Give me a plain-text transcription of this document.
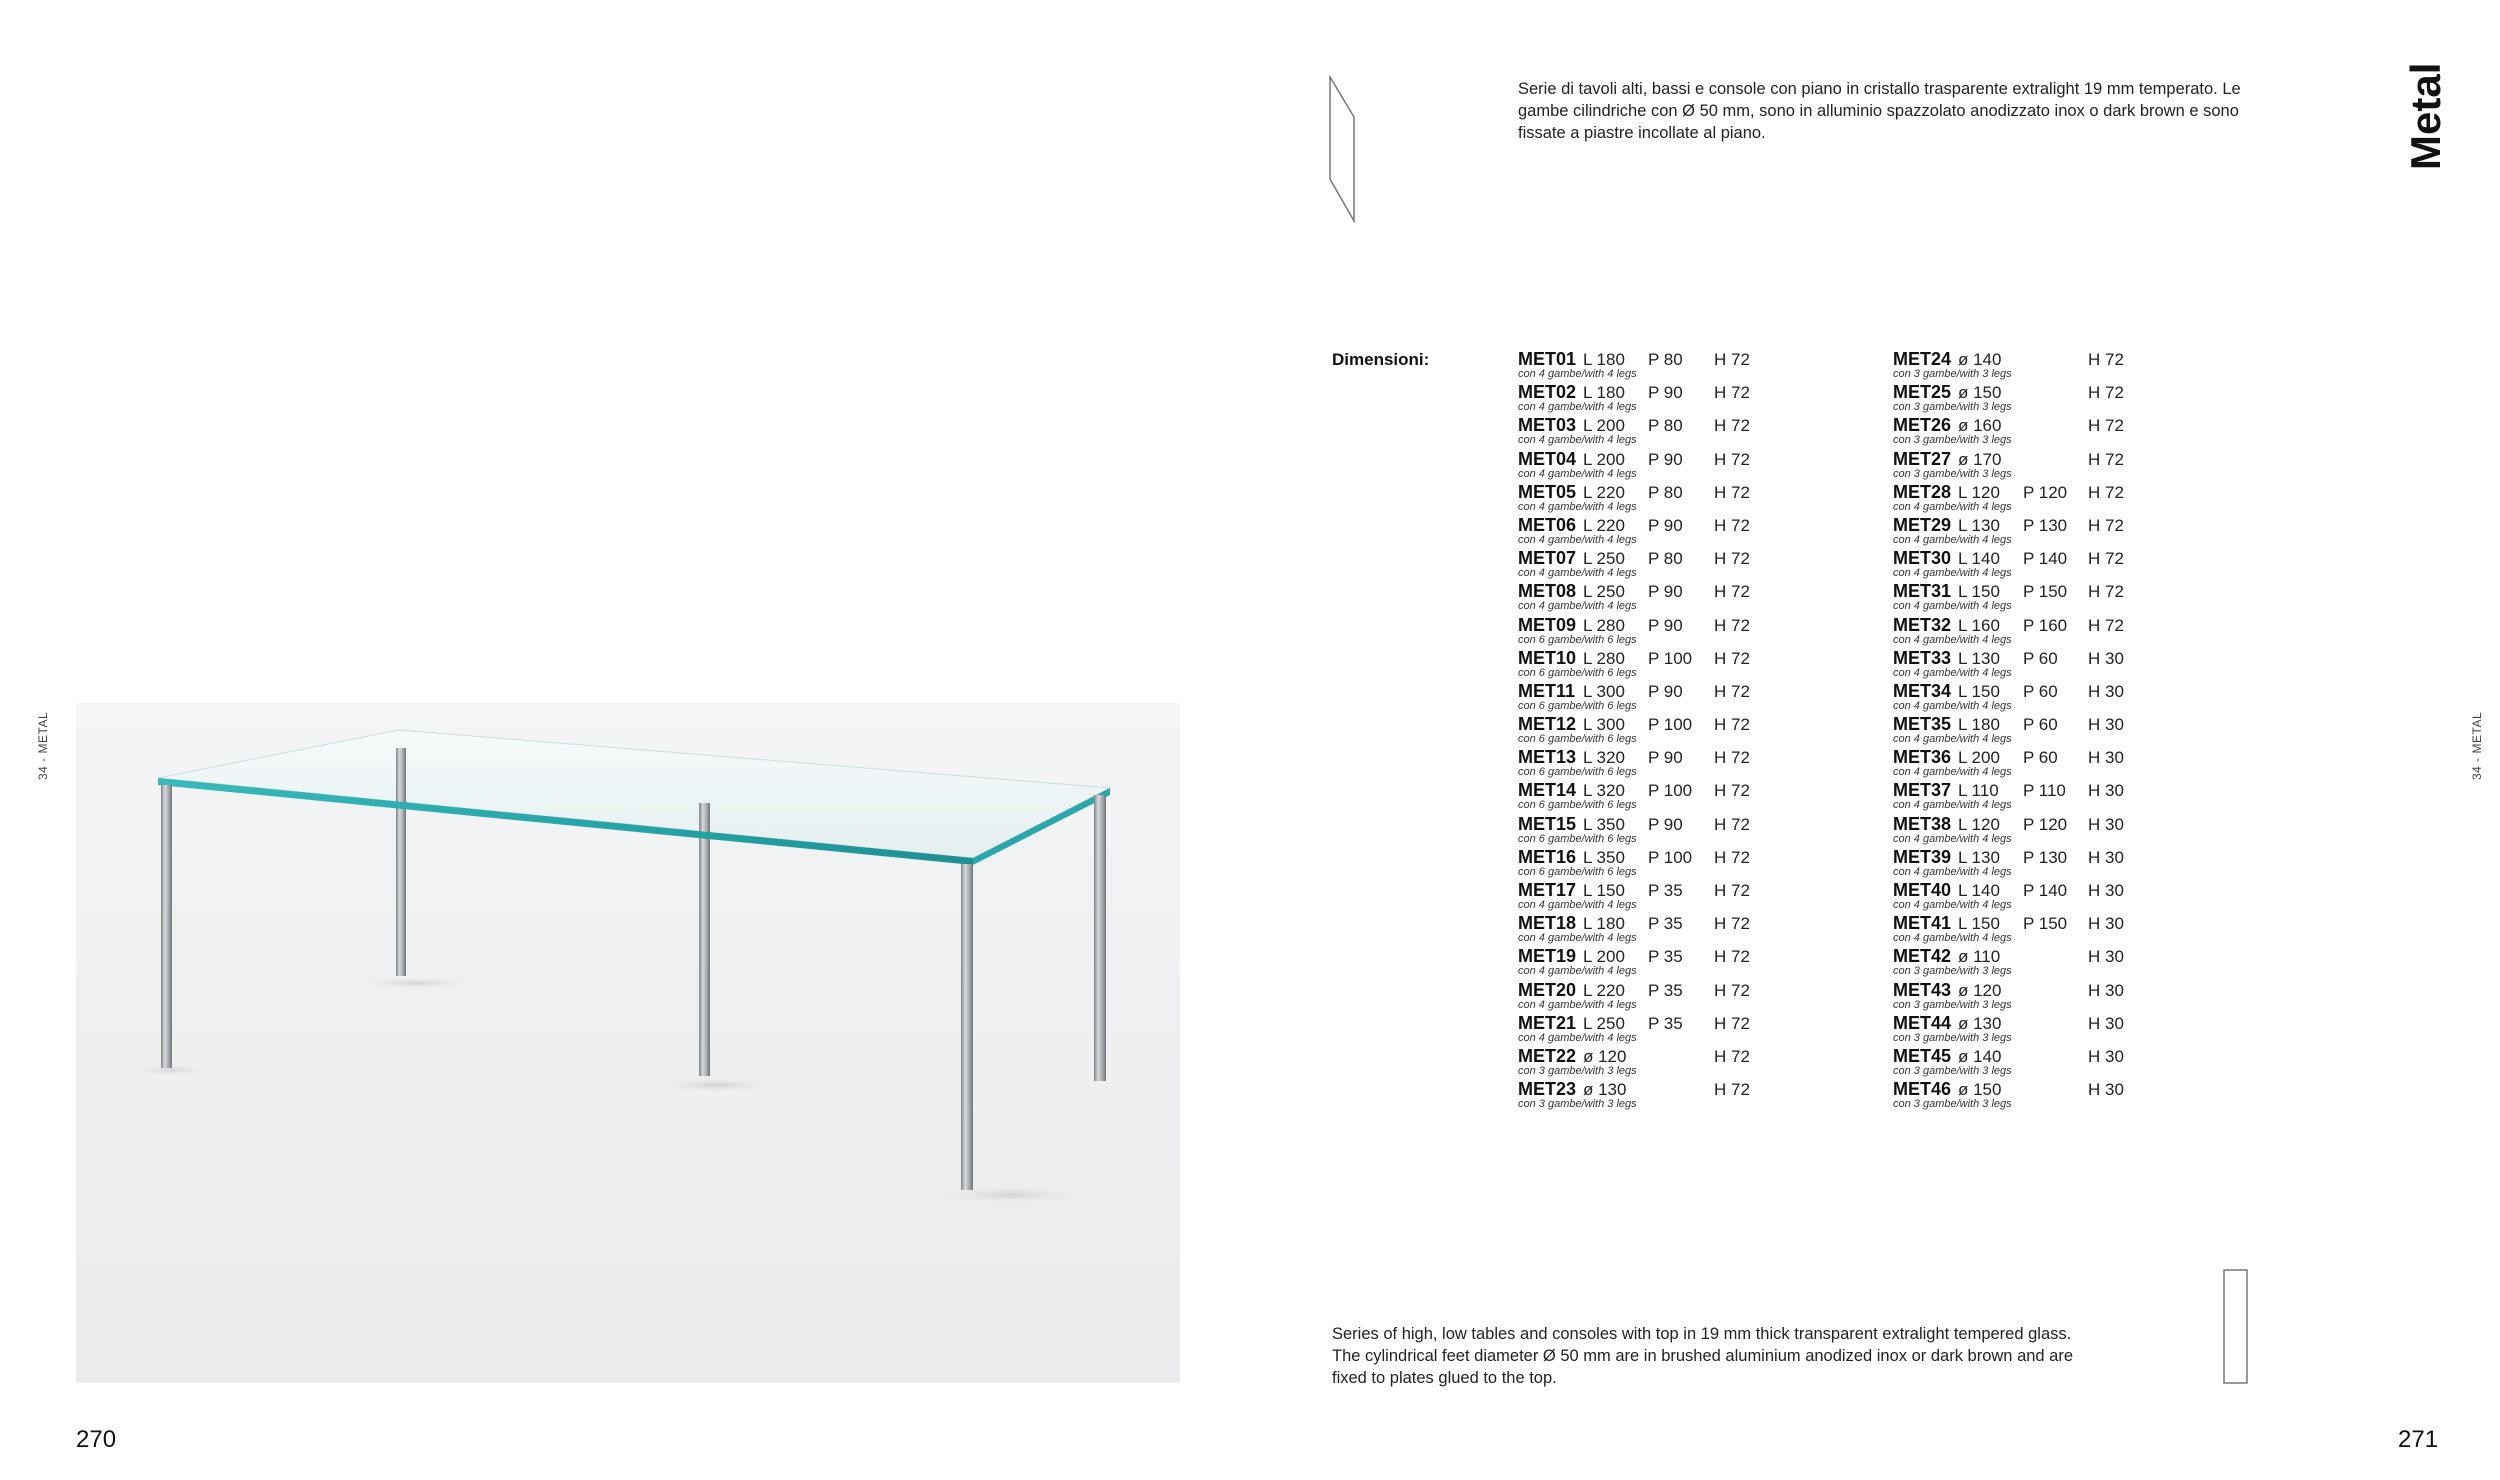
34 - METAL
270
Serie di tavoli alti, bassi e console con piano in cristallo trasparente extralight 19 mm temperato. Le gambe cilindriche con Ø 50 mm, sono in alluminio spazzolato anodizzato inox o dark brown e sono fissate a piastre incollate al piano.	Metal
Dimensioni:	MET01 L 180 P 80 H 72
con 4 gambe/with 4 legs
MET02 L 180 P 90 H 72
con 4 gambe/with 4 legs
MET03 L 200 P 80 H 72
con 4 gambe/with 4 legs
MET04 L 200 P 90 H 72
con 4 gambe/with 4 legs
MET05 L 220 P 80 H 72
con 4 gambe/with 4 legs
MET06 L 220 P 90 H 72
con 4 gambe/with 4 legs
MET07 L 250 P 80 H 72
con 4 gambe/with 4 legs
MET08 L 250 P 90 H 72
con 4 gambe/with 4 legs
MET09 L 280 P 90 H 72
con 6 gambe/with 6 legs
MET10 L 280 P 100 H 72
con 6 gambe/with 6 legs
MET11 L 300 P 90 H 72
con 6 gambe/with 6 legs
MET12 L 300 P 100 H 72
con 6 gambe/with 6 legs
MET13 L 320 P 90 H 72
con 6 gambe/with 6 legs
MET14 L 320 P 100 H 72
con 6 gambe/with 6 legs
MET15 L 350 P 90 H 72
con 6 gambe/with 6 legs
MET16 L 350 P 100 H 72
con 6 gambe/with 6 legs
MET17 L 150 P 35 H 72
con 4 gambe/with 4 legs
MET18 L 180 P 35 H 72
con 4 gambe/with 4 legs
MET19 L 200 P 35 H 72
con 4 gambe/with 4 legs
MET20 L 220 P 35 H 72
con 4 gambe/with 4 legs
MET21 L 250 P 35 H 72
con 4 gambe/with 4 legs
MET22 ø 120	H 72
con 3 gambe/with 3 legs
MET23 ø 130	H 72
con 3 gambe/with 3 legs
MET24 ø 140	H 72
con 3 gambe/with 3 legs
MET25 ø 150	H 72
con 3 gambe/with 3 legs
MET26 ø 160	H 72
con 3 gambe/with 3 legs
MET27 ø 170	H 72
con 3 gambe/with 3 legs
MET28 L 120 P 120 H 72
con 4 gambe/with 4 legs
MET29 L 130 P 130 H 72
con 4 gambe/with 4 legs
MET30 L 140 P 140 H 72
con 4 gambe/with 4 legs
MET31 L 150 P 150 H 72
con 4 gambe/with 4 legs
MET32 L 160 P 160 H 72
con 4 gambe/with 4 legs
MET33 L 130 P 60 H 30
con 4 gambe/with 4 legs
MET34 L 150 P 60 H 30
con 4 gambe/with 4 legs
MET35 L 180 P 60 H 30
con 4 gambe/with 4 legs
MET36 L 200 P 60 H 30
con 4 gambe/with 4 legs
MET37 L 110 P 110 H 30
con 4 gambe/with 4 legs
MET38 L 120 P 120 H 30
con 4 gambe/with 4 legs
MET39 L 130 P 130 H 30
con 4 gambe/with 4 legs
MET40 L 140 P 140 H 30
con 4 gambe/with 4 legs
MET41 L 150 P 150 H 30
con 4 gambe/with 4 legs
MET42 ø 110	H 30
con 3 gambe/with 3 legs
MET43 ø 120	H 30
con 3 gambe/with 3 legs
MET44 ø 130	H 30
con 3 gambe/with 3 legs
MET45 ø 140	H 30
con 3 gambe/with 3 legs
MET46 ø 150	H 30
con 3 gambe/with 3 legs
Series of high, low tables and consoles with top in 19 mm thick transparent extralight tempered glass. The cylindrical feet diameter Ø 50 mm are in brushed aluminium anodized inox or dark brown and are fixed to plates glued to the top.
34 - METAL
271
